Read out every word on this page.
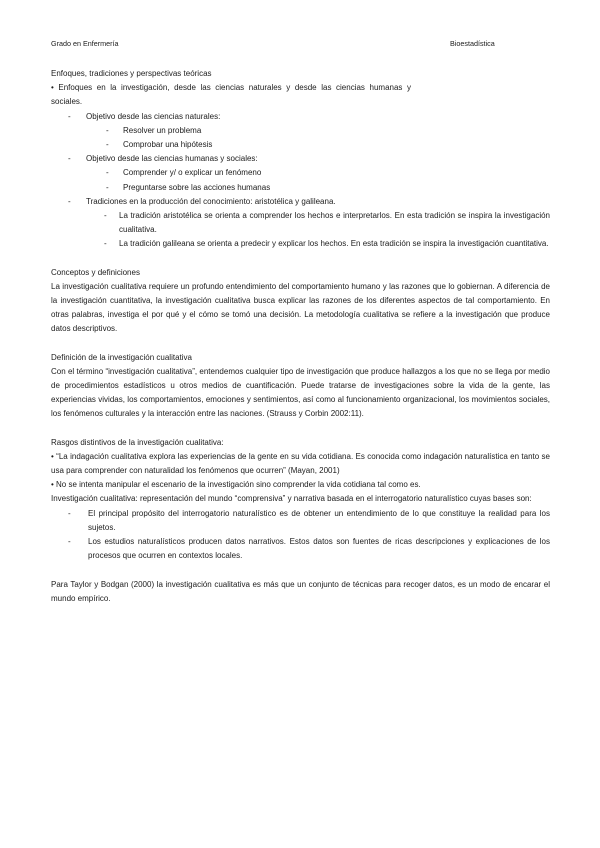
Grado en Enfermería	Bioestadística
Enfoques, tradiciones y perspectivas teóricas
• Enfoques en la investigación, desde las ciencias naturales y desde las ciencias humanas y sociales.
- Objetivo desde las ciencias naturales:
- Resolver un problema
- Comprobar una hipótesis
- Objetivo desde las ciencias humanas y sociales:
- Comprender y/ o explicar un fenómeno
- Preguntarse sobre las acciones humanas
- Tradiciones en la producción del conocimiento: aristotélica y galileana.
- La tradición aristotélica se orienta a comprender los hechos e interpretarlos. En esta tradición se inspira la investigación cualitativa.
- La tradición galileana se orienta a predecir y explicar los hechos. En esta tradición se inspira la investigación cuantitativa.
Conceptos y definiciones
La investigación cualitativa requiere un profundo entendimiento del comportamiento humano y las razones que lo gobiernan. A diferencia de la investigación cuantitativa, la investigación cualitativa busca explicar las razones de los diferentes aspectos de tal comportamiento. En otras palabras, investiga el por qué y el cómo se tomó una decisión. La metodología cualitativa se refiere a la investigación que produce datos descriptivos.
Definición de la investigación cualitativa
Con el término “investigación cualitativa”, entendemos cualquier tipo de investigación que produce hallazgos a los que no se llega por medio de procedimientos estadísticos u otros medios de cuantificación. Puede tratarse de investigaciones sobre la vida de la gente, las experiencias vividas, los comportamientos, emociones y sentimientos, así como al funcionamiento organizacional, los movimientos sociales, los fenómenos culturales y la interacción entre las naciones. (Strauss y Corbin 2002:11).
Rasgos distintivos de la investigación cualitativa:
• “La indagación cualitativa explora las experiencias de la gente en su vida cotidiana. Es conocida como indagación naturalística en tanto se usa para comprender con naturalidad los fenómenos que ocurren” (Mayan, 2001)
• No se intenta manipular el escenario de la investigación sino comprender la vida cotidiana tal como es.
Investigación cualitativa: representación del mundo “comprensiva” y narrativa basada en el interrogatorio naturalístico cuyas bases son:
- El principal propósito del interrogatorio naturalístico es de obtener un entendimiento de lo que constituye la realidad para los sujetos.
- Los estudios naturalísticos producen datos narrativos. Estos datos son fuentes de ricas descripciones y explicaciones de los procesos que ocurren en contextos locales.
Para Taylor y Bodgan (2000) la investigación cualitativa es más que un conjunto de técnicas para recoger datos, es un modo de encarar el mundo empírico.
